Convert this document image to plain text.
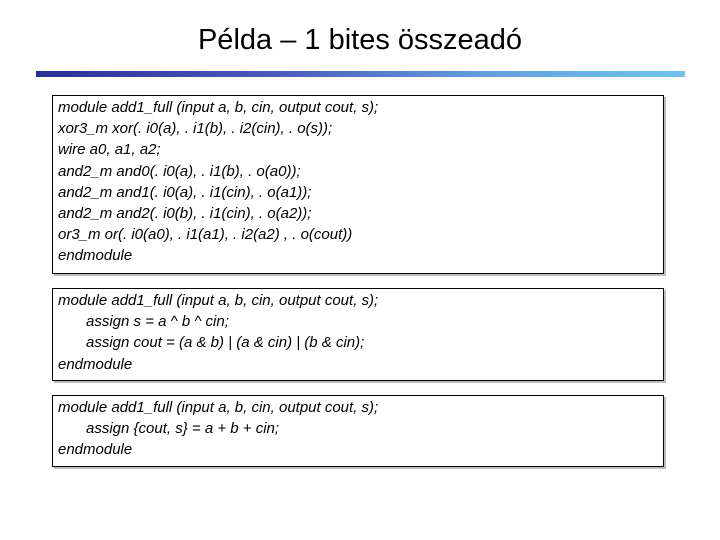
Példa – 1 bites összeadó
module add1_full (input a, b, cin, output cout, s);
xor3_m xor(. i0(a), . i1(b), . i2(cin), . o(s));
wire a0, a1, a2;
and2_m and0(. i0(a), . i1(b), . o(a0));
and2_m and1(. i0(a), . i1(cin), . o(a1));
and2_m and2(. i0(b), . i1(cin), . o(a2));
or3_m or(. i0(a0), . i1(a1), . i2(a2) , . o(cout))
endmodule
module add1_full (input a, b, cin, output cout, s);
assign s = a ^ b ^ cin;
assign cout = (a & b) | (a & cin) | (b & cin);
endmodule
module add1_full (input a, b, cin, output cout, s);
assign {cout, s} = a + b + cin;
endmodule
